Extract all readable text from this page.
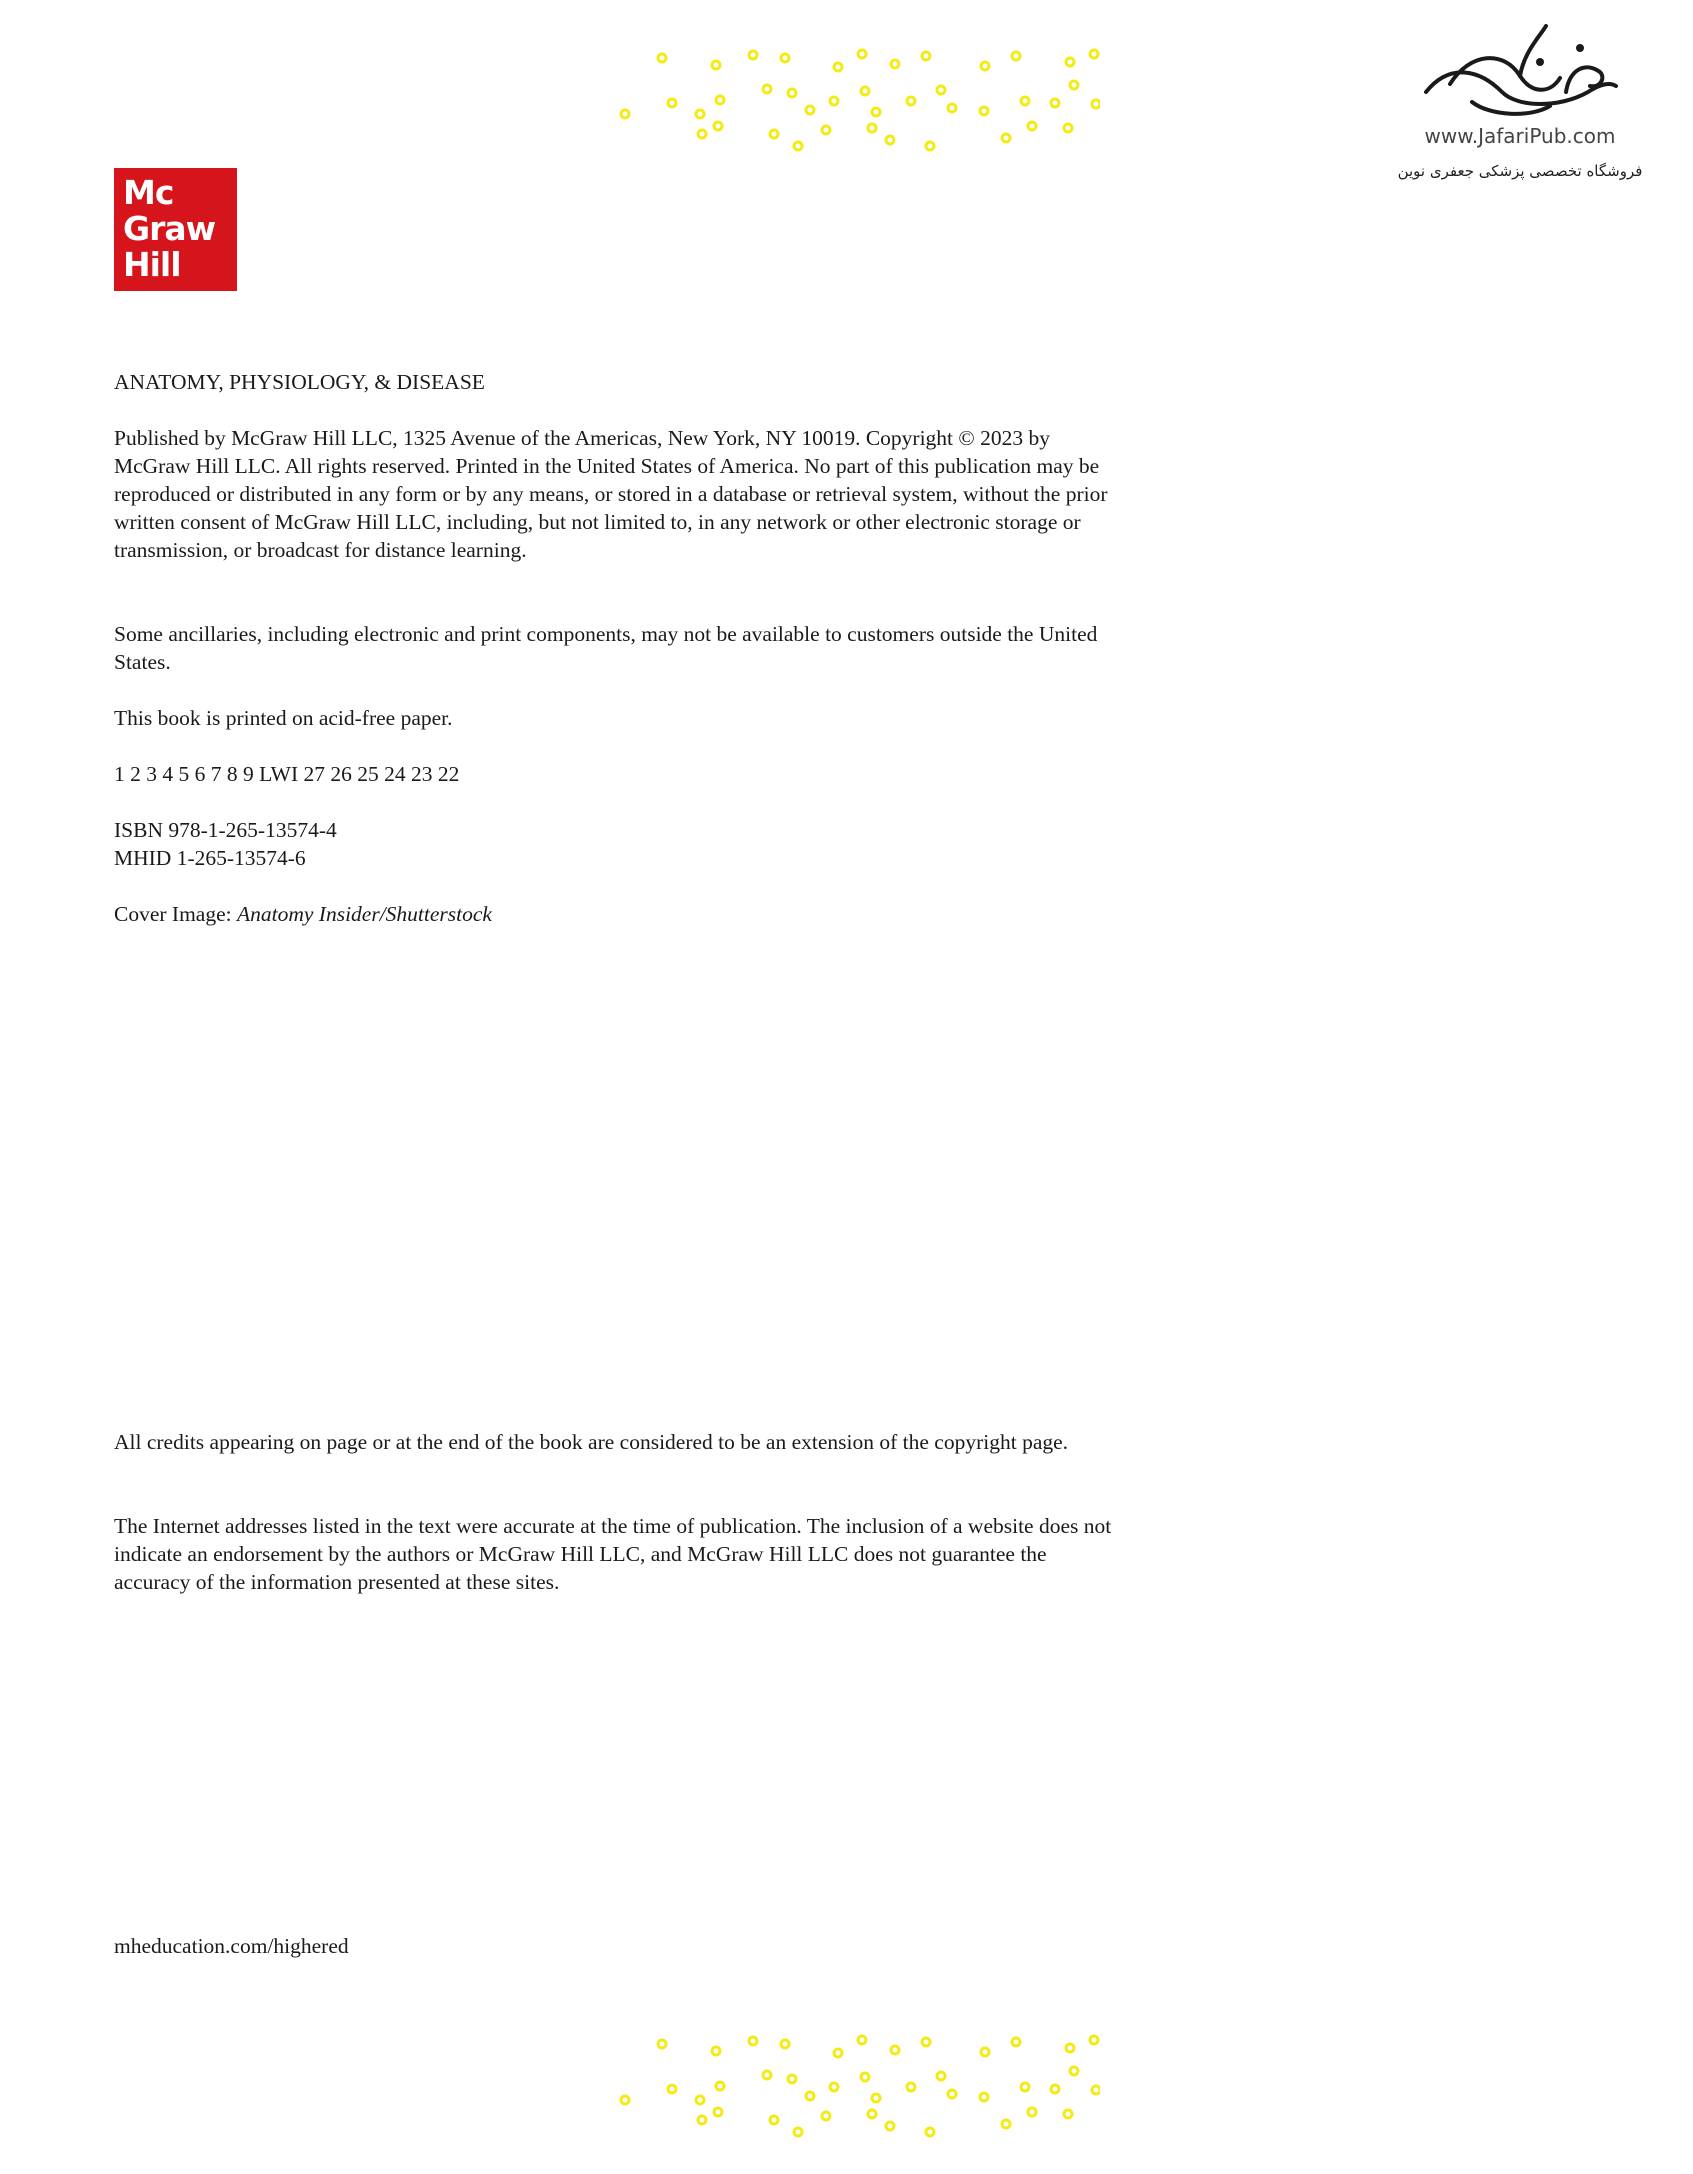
www.JafariPub.com
فروشگاه تخصصی پزشکی جعفری نوین
Mc
Graw
Hill

ANATOMY, PHYSIOLOGY, & DISEASE

Published by McGraw Hill LLC, 1325 Avenue of the Americas, New York, NY 10019. Copyright © 2023 by McGraw Hill LLC. All rights reserved. Printed in the United States of America. No part of this publication may be reproduced or distributed in any form or by any means, or stored in a database or retrieval system, without the prior written consent of McGraw Hill LLC, including, but not limited to, in any network or other electronic storage or transmission, or broadcast for distance learning.

Some ancillaries, including electronic and print components, may not be available to customers outside the United States.

This book is printed on acid-free paper.

1 2 3 4 5 6 7 8 9 LWI 27 26 25 24 23 22

ISBN 978-1-265-13574-4

MHID 1-265-13574-6

Cover Image: Anatomy Insider/Shutterstock

All credits appearing on page or at the end of the book are considered to be an extension of the copyright page.

The Internet addresses listed in the text were accurate at the time of publication. The inclusion of a website does not indicate an endorsement by the authors or McGraw Hill LLC, and McGraw Hill LLC does not guarantee the accuracy of the information presented at these sites.

mheducation.com/highered
